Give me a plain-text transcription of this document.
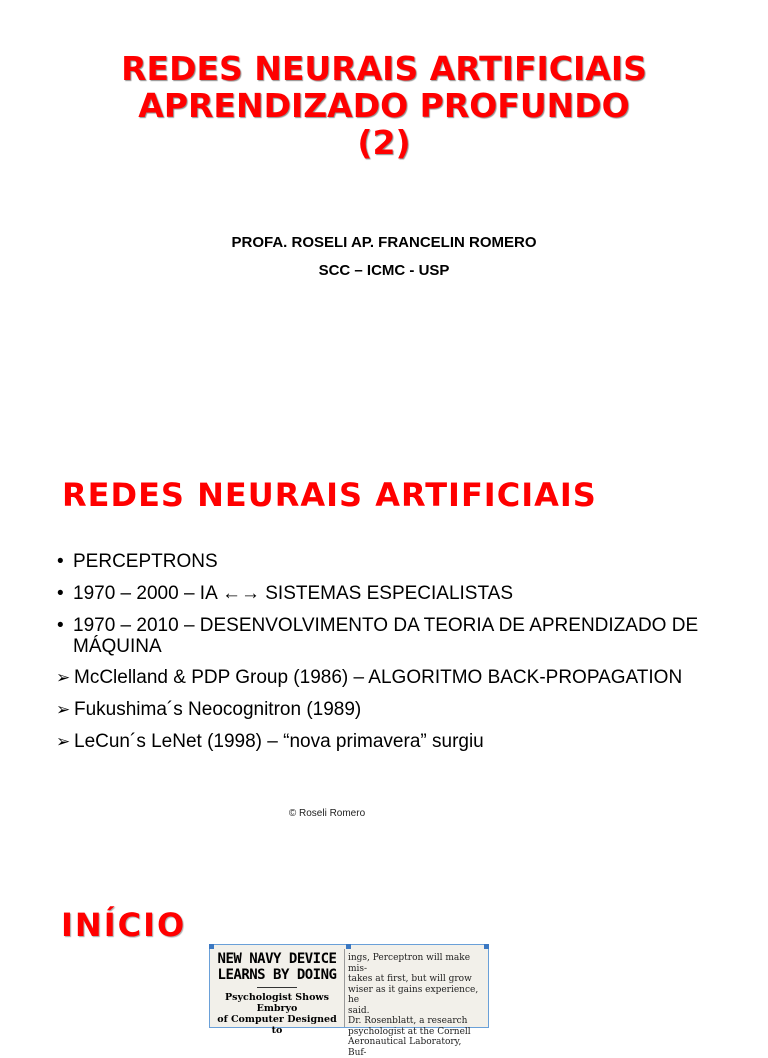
REDES NEURAIS ARTIFICIAIS
APRENDIZADO PROFUNDO
(2)
PROFA. ROSELI AP. FRANCELIN ROMERO
SCC – ICMC - USP
REDES NEURAIS ARTIFICIAIS
• PERCEPTRONS
• 1970 – 2000 – IA ←→ SISTEMAS ESPECIALISTAS
• 1970 – 2010 – DESENVOLVIMENTO DA TEORIA DE APRENDIZADO DE
MÁQUINA
➢ McClelland & PDP Group (1986) – ALGORITMO BACK-PROPAGATION
➢ Fukushima´s Neocognitron (1989)
➢ LeCun´s LeNet (1998) – “nova primavera” surgiu
© Roseli Romero
INÍCIO
NEW NAVY DEVICE
LEARNS BY DOING
Psychologist Shows Embryo
of Computer Designed to
ings, Perceptron will make mis-
takes at first, but will grow
wiser as it gains experience, he
said.
Dr. Rosenblatt, a research
psychologist at the Cornell
Aeronautical Laboratory, Buf-
